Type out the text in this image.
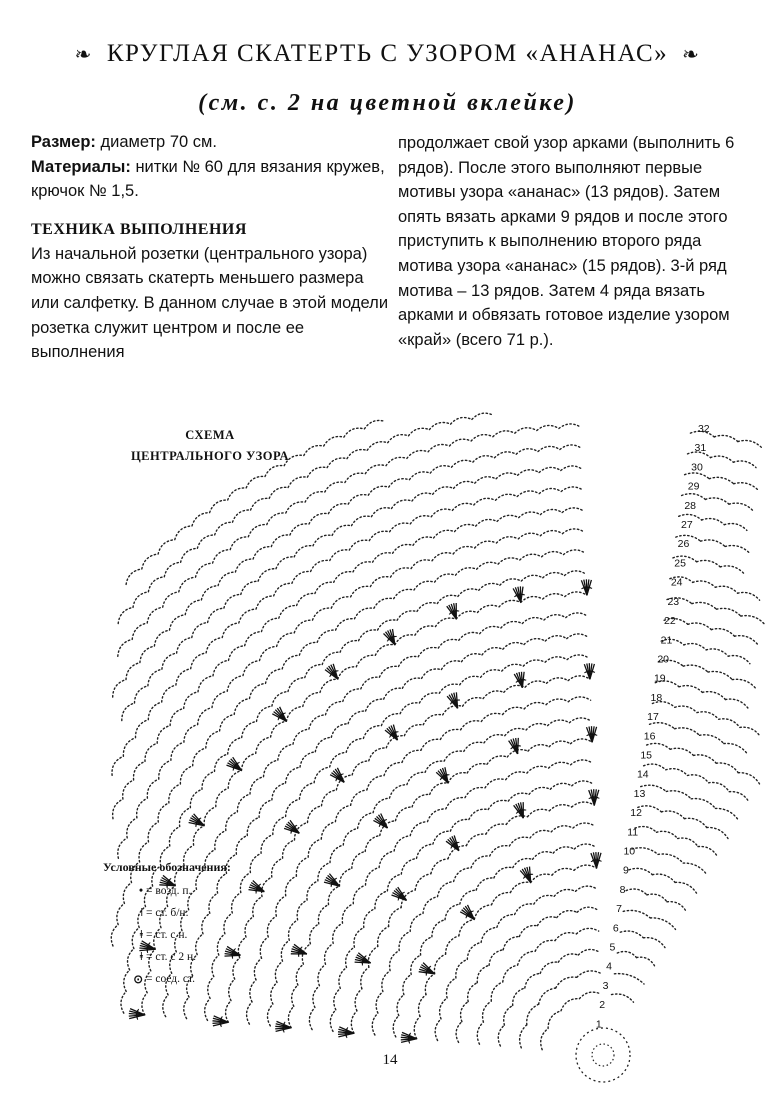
❧ КРУГЛАЯ СКАТЕРТЬ С УЗОРОМ «АНАНАС» ❧
(см. с. 2 на цветной вклейке)

Размер: диаметр 70 см.

Материалы: нитки № 60 для вязания кружев, крючок № 1,5.

ТЕХНИКА ВЫПОЛНЕНИЯ

Из начальной розетки (центрального узора) можно связать скатерть меньшего размера или салфетку. В данном случае в этой модели розетка служит центром и после ее выполнения

продолжает свой узор арками (выполнить 6 рядов). После этого выполняют первые мотивы узора «ананас» (13 рядов). Затем опять вязать арками 9 рядов и после этого приступить к выполнению второго ряда мотива узора «ананас» (15 рядов). 3-й ряд мотива – 13 рядов. Затем 4 ряда вязать арками и обвязать готовое изделие узором «край» (всего 71 р.).

СХЕМА
ЦЕНТРАЛЬНОГО УЗОРА
1
2
3
4
5
6
7
8
9
10
11
12
13
14
15
16
17
18
19
20
21
22
23
24
25
26
27
28
29
30
31
32
Условные обозначения:
• = возд. п.
ǀ = ст. б/н.
ǂ = ст. с н.
ǂ = ст. с 2 н.
⊙ = соед. ст.
14
